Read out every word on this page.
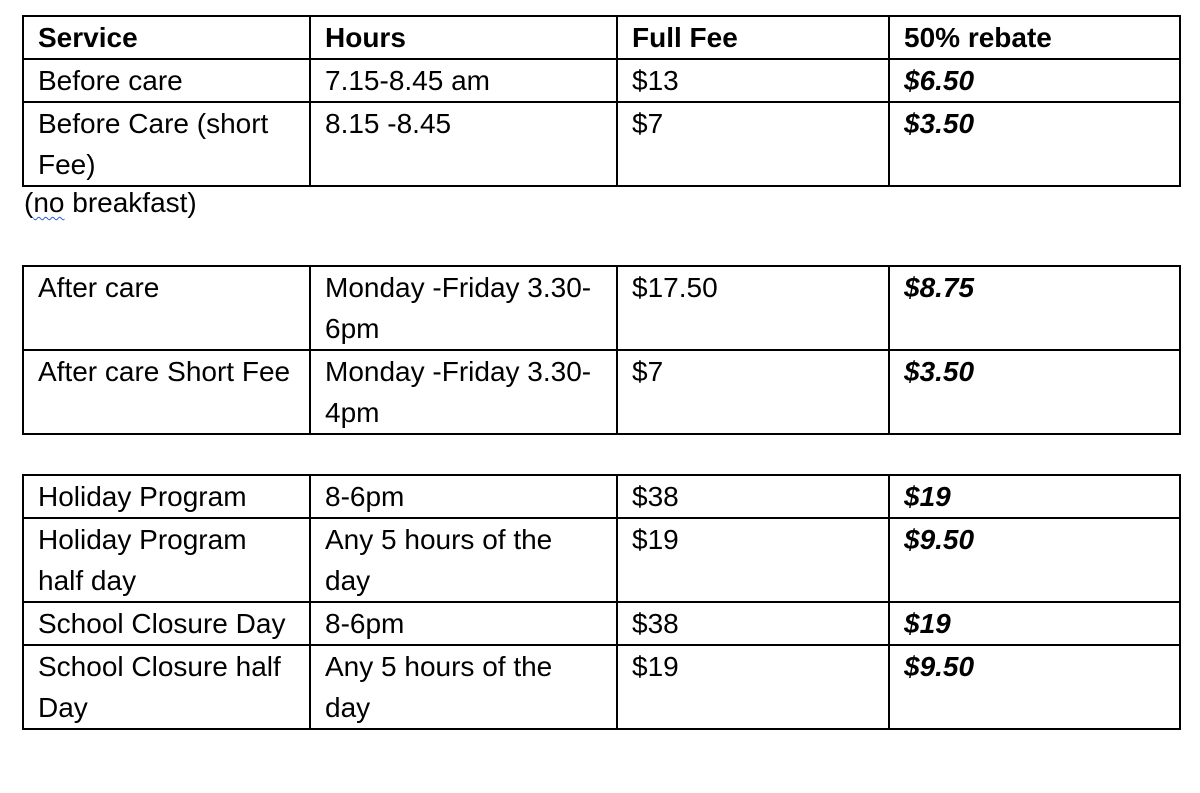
Service	Hours	Full Fee	50% rebate
Before care	7.15-8.45 am	$13	$6.50
Before Care (short Fee)	8.15 -8.45	$7	$3.50
(no breakfast)
After care	Monday -Friday 3.30-6pm	$17.50	$8.75
After care Short Fee	Monday -Friday 3.30-4pm	$7	$3.50
Holiday Program	8-6pm	$38	$19
Holiday Program half day	Any 5 hours of the day	$19	$9.50
School Closure Day	8-6pm	$38	$19
School Closure half Day	Any 5 hours of the day	$19	$9.50
